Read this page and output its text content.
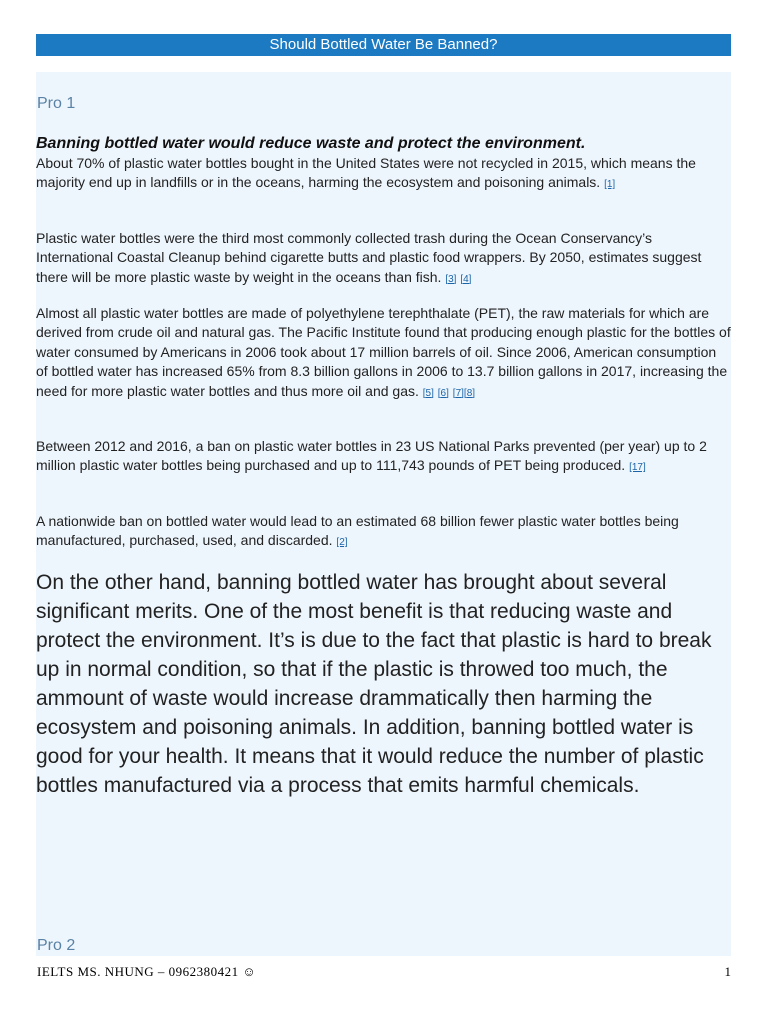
Should Bottled Water Be Banned?
Pro 1
Banning bottled water would reduce waste and protect the environment.

About 70% of plastic water bottles bought in the United States were not recycled in 2015, which means the majority end up in landfills or in the oceans, harming the ecosystem and poisoning animals. [1]

Plastic water bottles were the third most commonly collected trash during the Ocean Conservancy’s International Coastal Cleanup behind cigarette butts and plastic food wrappers. By 2050, estimates suggest there will be more plastic waste by weight in the oceans than fish. [3] [4]

Almost all plastic water bottles are made of polyethylene terephthalate (PET), the raw materials for which are derived from crude oil and natural gas. The Pacific Institute found that producing enough plastic for the bottles of water consumed by Americans in 2006 took about 17 million barrels of oil. Since 2006, American consumption of bottled water has increased 65% from 8.3 billion gallons in 2006 to 13.7 billion gallons in 2017, increasing the need for more plastic water bottles and thus more oil and gas. [5] [6] [7][8]

Between 2012 and 2016, a ban on plastic water bottles in 23 US National Parks prevented (per year) up to 2 million plastic water bottles being purchased and up to 111,743 pounds of PET being produced. [17]

A nationwide ban on bottled water would lead to an estimated 68 billion fewer plastic water bottles being manufactured, purchased, used, and discarded. [2]

On the other hand, banning bottled water has brought about several significant merits. One of the most benefit is that reducing waste and protect the environment. It’s is due to the fact that plastic is hard to break up in normal condition, so that if the plastic is throwed too much, the ammount of waste would increase drammatically then harming the ecosystem and poisoning animals. In addition, banning bottled water is good for your health. It means that it would reduce the number of plastic bottles manufactured via a process that emits harmful chemicals.

Pro 2
IELTS MS. NHUNG – 0962380421 ☺	1
